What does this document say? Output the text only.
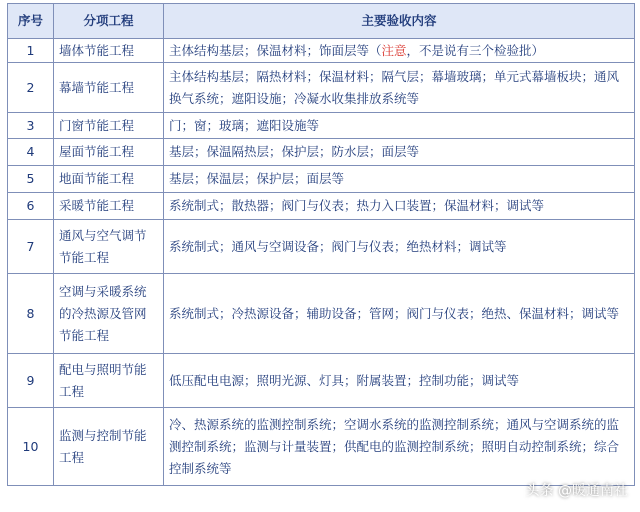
序号	分项工程	主要验收内容
1	墙体节能工程	主体结构基层；保温材料；饰面层等（注意，不是说有三个检验批）
2	幕墙节能工程	主体结构基层；隔热材料；保温材料；隔气层；幕墙玻璃；单元式幕墙板块；通风换气系统；遮阳设施；冷凝水收集排放系统等
3	门窗节能工程	门；窗；玻璃；遮阳设施等
4	屋面节能工程	基层；保温隔热层；保护层；防水层；面层等
5	地面节能工程	基层；保温层；保护层；面层等
6	采暖节能工程	系统制式；散热器；阀门与仪表；热力入口装置；保温材料；调试等
7	通风与空气调节节能工程	系统制式；通风与空调设备；阀门与仪表；绝热材料；调试等
8	空调与采暖系统的冷热源及管网节能工程	系统制式；冷热源设备；辅助设备；管网；阀门与仪表；绝热、保温材料；调试等
9	配电与照明节能工程	低压配电电源；照明光源、灯具；附属装置；控制功能；调试等
10	监测与控制节能工程	冷、热源系统的监测控制系统；空调水系统的监测控制系统；通风与空调系统的监测控制系统；监测与计量装置；供配电的监测控制系统；照明自动控制系统；综合控制系统等
头条 @暖通南社
